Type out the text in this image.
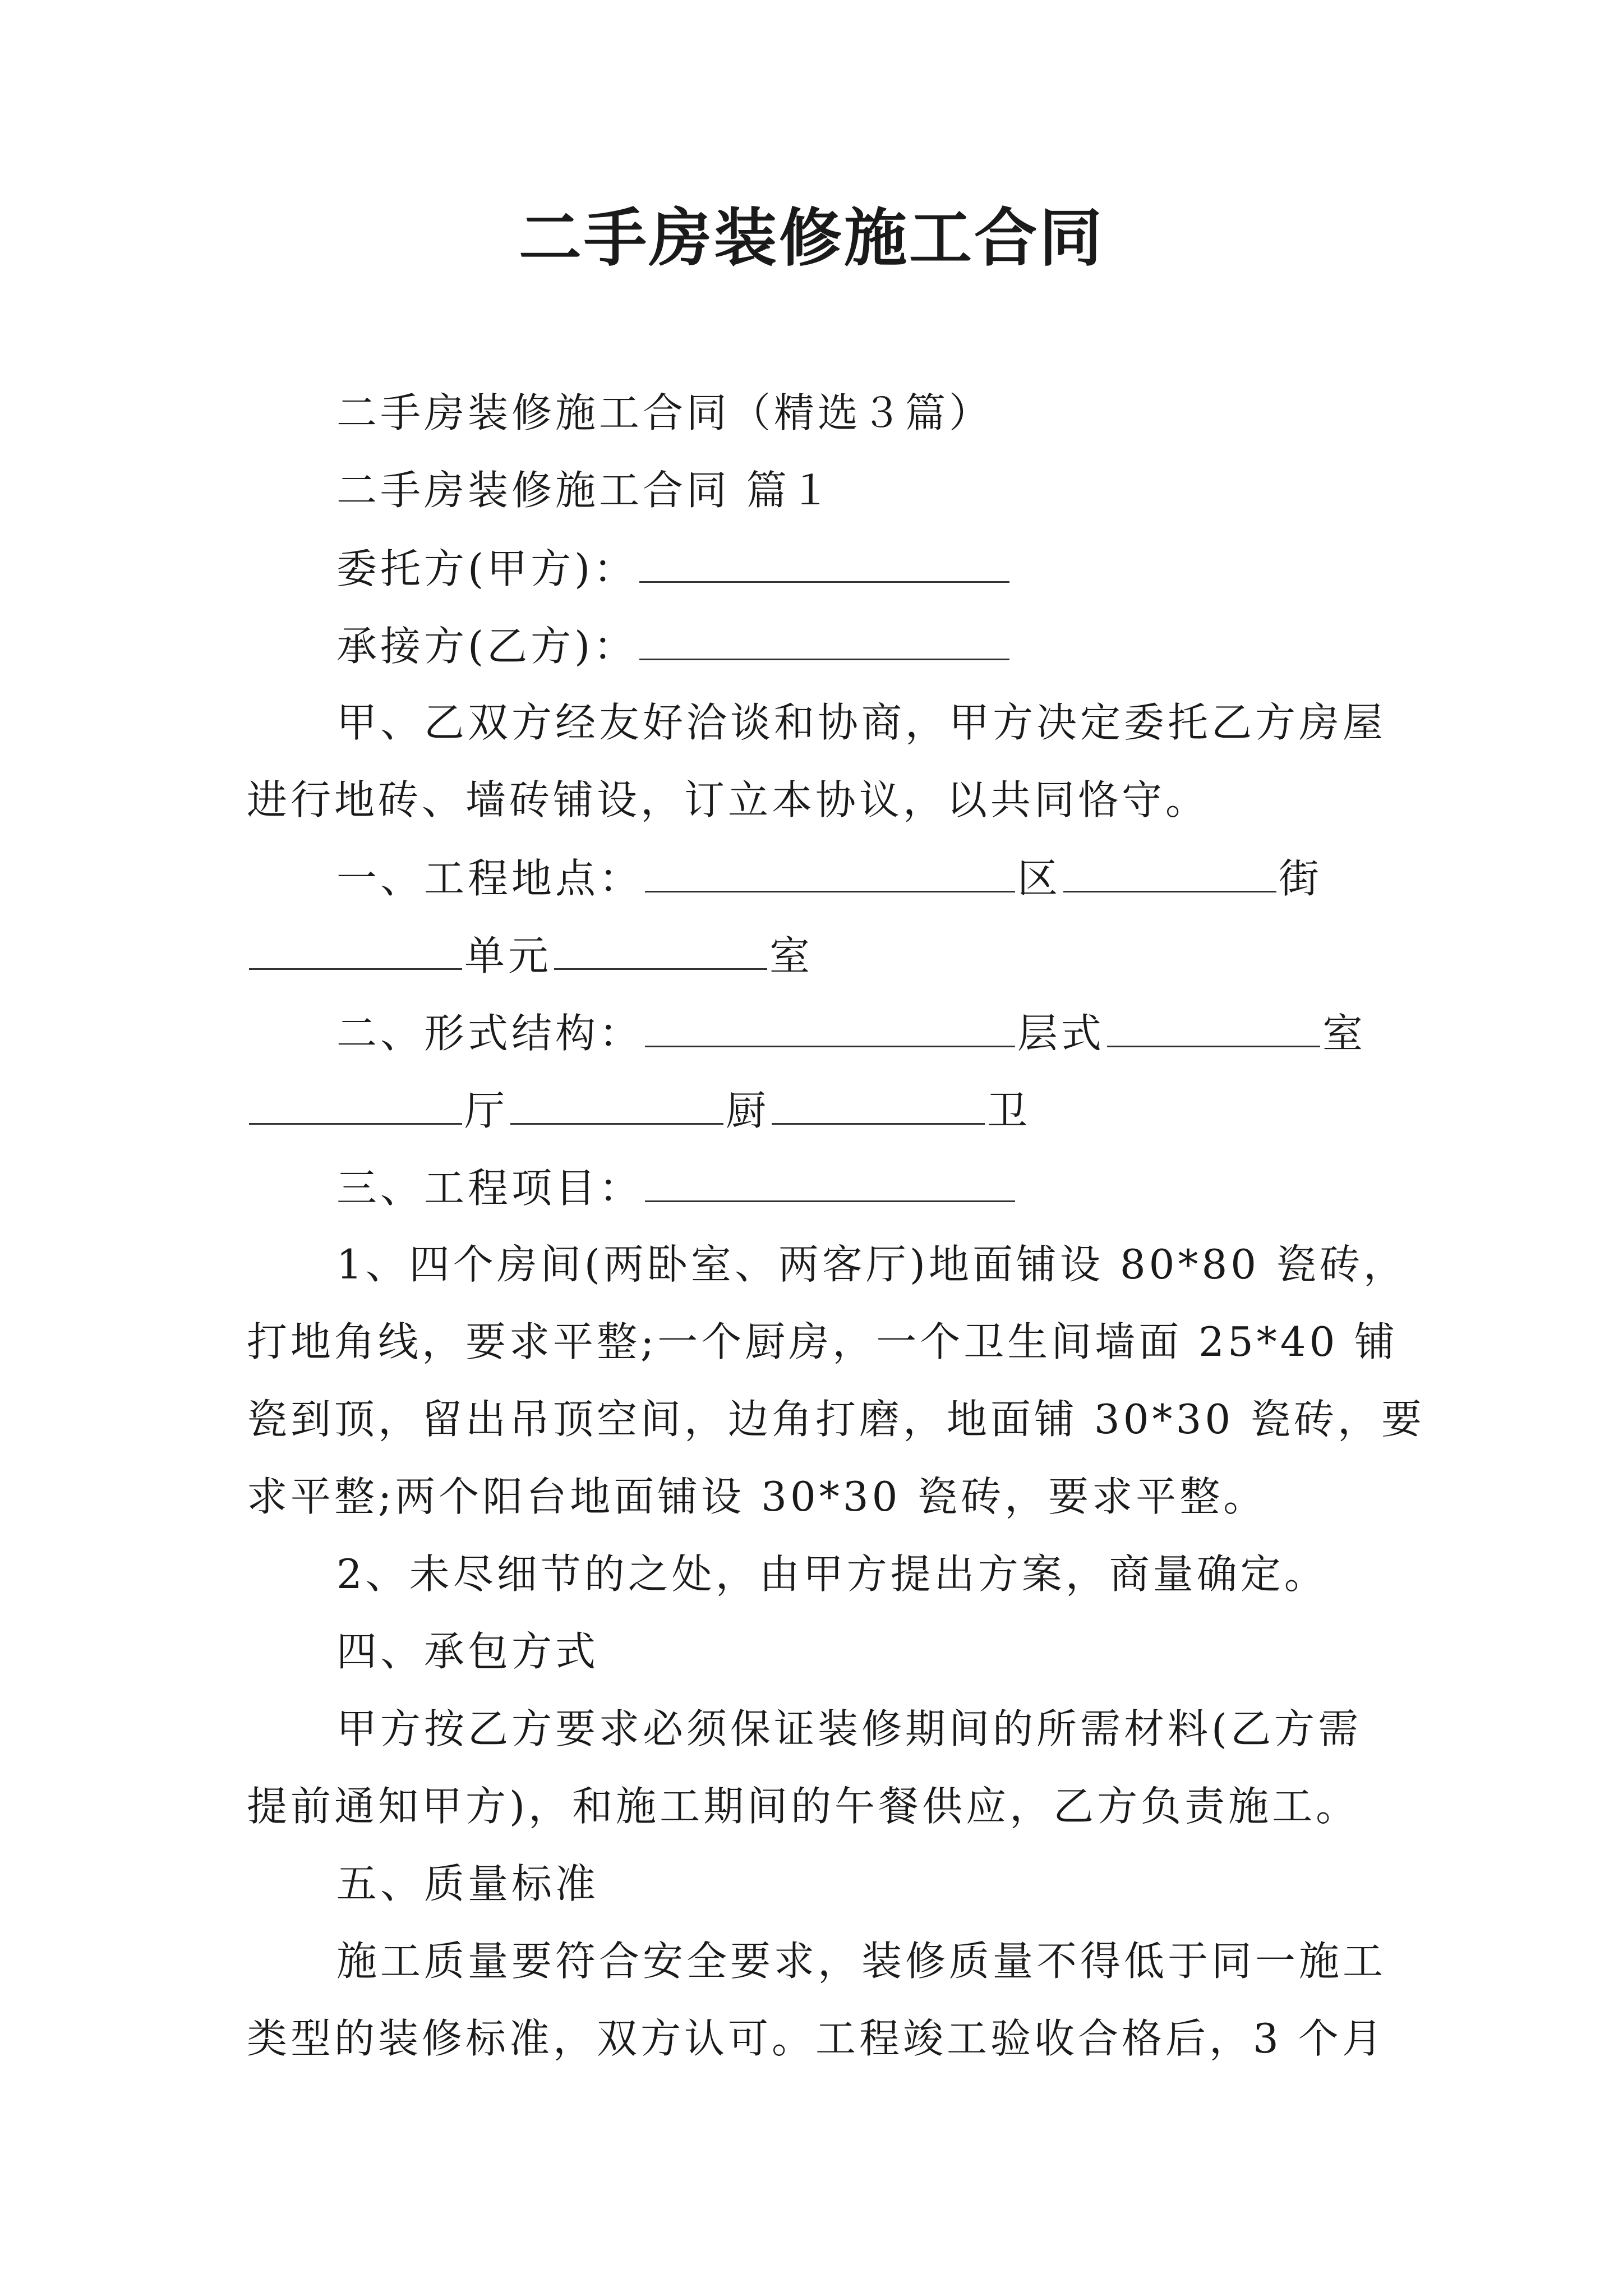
二手房装修施工合同
二手房装修施工合同（精选３篇）
二手房装修施工合同 篇１
委托方(甲方)：
承接方(乙方)：
甲、乙双方经友好洽谈和协商，甲方决定委托乙方房屋
进行地砖、墙砖铺设，订立本协议，以共同恪守。
一、工程地点：	区	街
单元	室
二、形式结构：	层式	室
厅	厨	卫
三、工程项目：
1、四个房间(两卧室、两客厅)地面铺设 80*80 瓷砖，
打地角线，要求平整;一个厨房，一个卫生间墙面 25*40 铺
瓷到顶，留出吊顶空间，边角打磨，地面铺 30*30 瓷砖，要
求平整;两个阳台地面铺设 30*30 瓷砖，要求平整。
2、未尽细节的之处，由甲方提出方案，商量确定。
四、承包方式
甲方按乙方要求必须保证装修期间的所需材料(乙方需
提前通知甲方)，和施工期间的午餐供应，乙方负责施工。
五、质量标准
施工质量要符合安全要求，装修质量不得低于同一施工
类型的装修标准，双方认可。工程竣工验收合格后，3 个月
